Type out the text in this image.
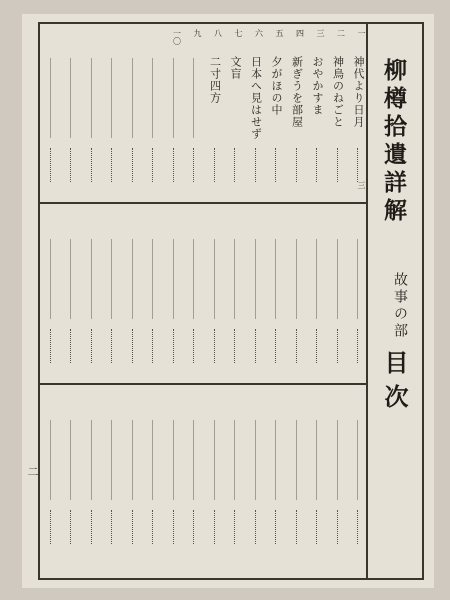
柳樽拾遺詳解
故事の部
目次
一
神代より日月
三
二
神鳥のねごと
三
おやかすま
四
新ぎうを部屋
五
夕がほの中
六
日本へ見はせず
七
文盲
八
二寸四方
九
一〇
二
